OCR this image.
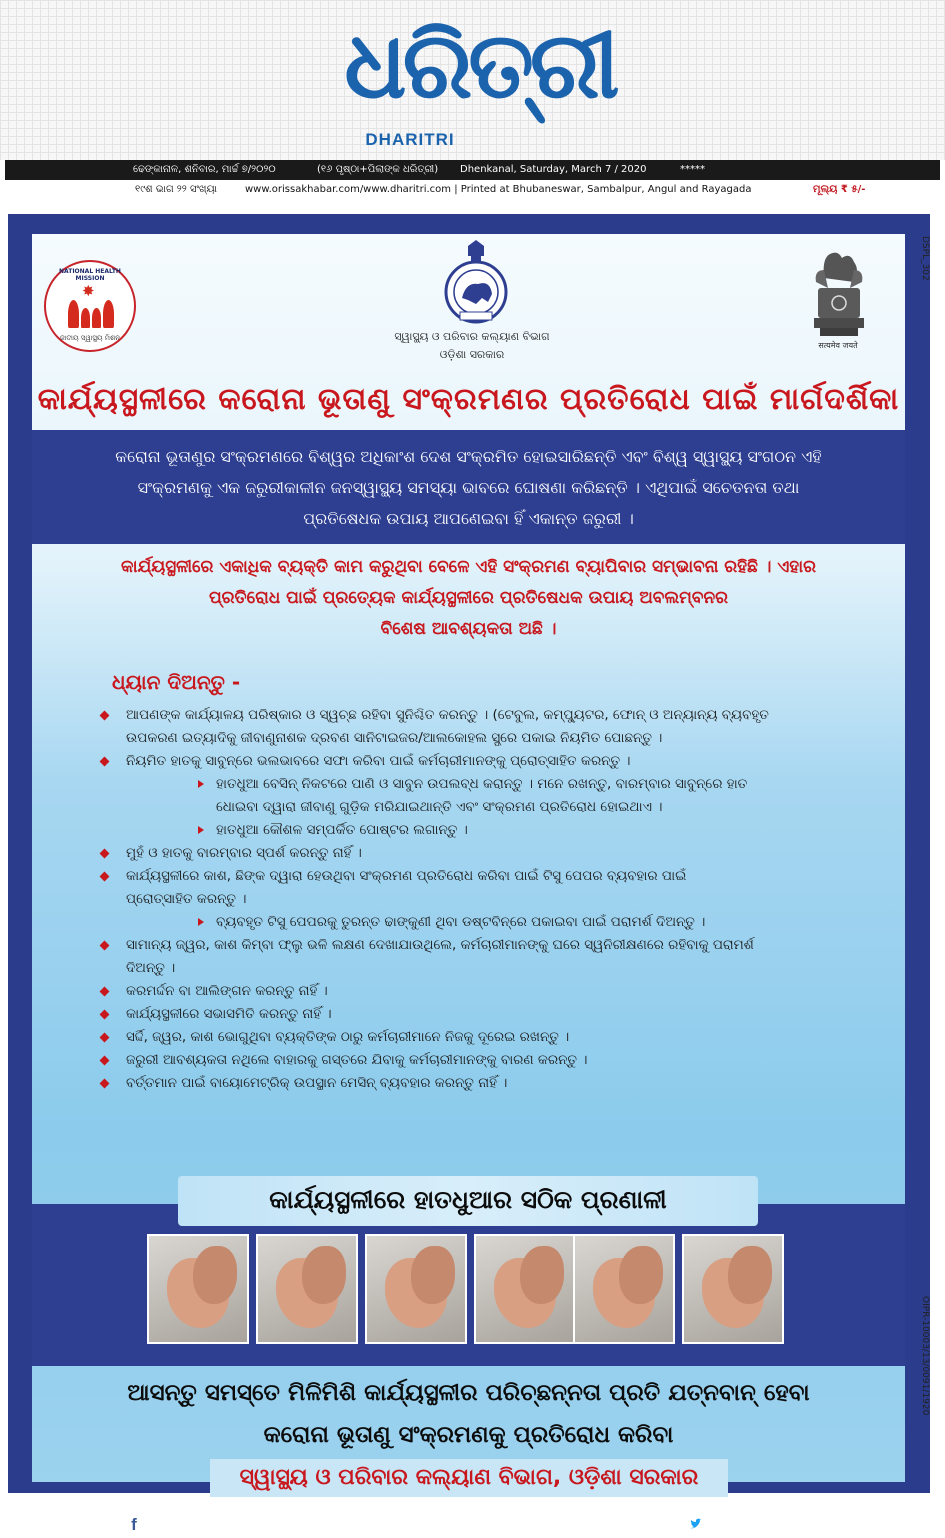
ଧରିତ୍ରୀ
DHARITRI
ଢେଙ୍କାନାଳ, ଶନିବାର, ମାର୍ଚ୍ଚ ୭/୨୦୨୦	(୧୬ ପୃଷ୍ଠା+ପିଲାଙ୍କ ଧରିତ୍ରୀ) Dhenkanal, Saturday, March 7 / 2020	*****
୧୯ଶ ଭାଗ ୨୨ ସଂଖ୍ୟା	www.orissakhabar.com/www.dharitri.com | Printed at Bhubaneswar, Sambalpur, Angul and Rayagada	ମୂଲ୍ୟ ₹ ୫/-
DSPL_302
OIPR-10003/13/0091/1920
NATIONAL HEALTH MISSION
✸
ଜାତୀୟ ସ୍ୱାସ୍ଥ୍ୟ ମିଶନ
सत्यमेव जयते
ସ୍ୱାସ୍ଥ୍ୟ ଓ ପରିବାର କଲ୍ୟାଣ ବିଭାଗ
ଓଡ଼ିଶା ସରକାର
କାର୍ଯ୍ୟସ୍ଥଳୀରେ କରୋନା ଭୂତାଣୁ ସଂକ୍ରମଣର ପ୍ରତିରୋଧ ପାଇଁ ମାର୍ଗଦର୍ଶିକା
କରୋନା ଭୂତାଣୁର ସଂକ୍ରମଣରେ ବିଶ୍ୱର ଅଧିକାଂଶ ଦେଶ ସଂକ୍ରମିତ ହୋଇସାରିଛନ୍ତି ଏବଂ ବିଶ୍ୱ ସ୍ୱାସ୍ଥ୍ୟ ସଂଗଠନ ଏହି
ସଂକ୍ରମଣକୁ ଏକ ଜରୁରୀକାଳୀନ ଜନସ୍ୱାସ୍ଥ୍ୟ ସମସ୍ୟା ଭାବରେ ଘୋଷଣା କରିଛନ୍ତି । ଏଥିପାଇଁ ସଚେତନତା ତଥା
ପ୍ରତିଷେଧକ ଉପାୟ ଆପଣେଇବା ହିଁ ଏକାନ୍ତ ଜରୁରୀ ।
କାର୍ଯ୍ୟସ୍ଥଳୀରେ ଏକାଧିକ ବ୍ୟକ୍ତି କାମ କରୁଥିବା ବେଳେ ଏହି ସଂକ୍ରମଣ ବ୍ୟାପିବାର ସମ୍ଭାବନା ରହିଛି । ଏହାର
ପ୍ରତିରୋଧ ପାଇଁ ପ୍ରତ୍ୟେକ କାର୍ଯ୍ୟସ୍ଥଳୀରେ ପ୍ରତିଷେଧକ ଉପାୟ ଅବଲମ୍ବନର
ବିଶେଷ ଆବଶ୍ୟକତା ଅଛି ।
ଧ୍ୟାନ ଦିଅନ୍ତୁ -
ଆପଣଙ୍କ କାର୍ଯ୍ୟାଳୟ ପରିଷ୍କାର ଓ ସ୍ୱଚ୍ଛ ରହିବା ସୁନିଶ୍ଚିତ କରନ୍ତୁ । (ଟେବୁଲ, କମ୍ପ୍ୟୁଟର, ଫୋନ୍ ଓ ଅନ୍ୟାନ୍ୟ ବ୍ୟବହୃତ
ଉପକରଣ ଇତ୍ୟାଦିକୁ ଜୀବାଣୁନାଶକ ଦ୍ରବଣ ସାନିଟାଇଜର/ଆଲକୋହଲ ସ୍ପ୍ରେ ପକାଇ ନିୟମିତ ପୋଛନ୍ତୁ ।
ନିୟମିତ ହାତକୁ ସାବୁନ୍‌ରେ ଭଲଭାବରେ ସଫା କରିବା ପାଇଁ କର୍ମଚାରୀମାନଙ୍କୁ ପ୍ରୋତ୍ସାହିତ କରନ୍ତୁ ।
ହାତଧୁଆ ବେସିନ୍ ନିକଟରେ ପାଣି ଓ ସାବୁନ ଉପଲବ୍ଧ କରାନ୍ତୁ । ମନେ ରଖନ୍ତୁ, ବାରମ୍ବାର ସାବୁନ୍‌ରେ ହାତ
ଧୋଇବା ଦ୍ୱାରା ଜୀବାଣୁ ଗୁଡ଼ିକ ମରିଯାଇଥାନ୍ତି ଏବଂ ସଂକ୍ରମଣ ପ୍ରତିରୋଧ ହୋଇଥାଏ ।
ହାତଧୁଆ କୌଶଳ ସମ୍ପର୍କିତ ପୋଷ୍ଟର ଲଗାନ୍ତୁ ।
ମୁହଁ ଓ ହାତକୁ ବାରମ୍ବାର ସ୍ପର୍ଶ କରନ୍ତୁ ନାହିଁ ।
କାର୍ଯ୍ୟସ୍ଥଳୀରେ କାଶ, ଛିଙ୍କ ଦ୍ୱାରା ହେଉଥିବା ସଂକ୍ରମଣ ପ୍ରତିରୋଧ କରିବା ପାଇଁ ଟିସୁ ପେପର ବ୍ୟବହାର ପାଇଁ
ପ୍ରୋତ୍ସାହିତ କରନ୍ତୁ ।
ବ୍ୟବହୃତ ଟିସୁ ପେପରକୁ ତୁରନ୍ତ ଢାଙ୍କୁଣୀ ଥିବା ଡଷ୍ଟବିନ୍‌ରେ ପକାଇବା ପାଇଁ ପରାମର୍ଶ ଦିଅନ୍ତୁ ।
ସାମାନ୍ୟ ଜ୍ୱର, କାଶ କିମ୍ବା ଫ୍ଲୁ ଭଳି ଲକ୍ଷଣ ଦେଖାଯାଉଥିଲେ, କର୍ମଚାରୀମାନଙ୍କୁ ଘରେ ସ୍ୱନିରୀକ୍ଷଣରେ ରହିବାକୁ ପରାମର୍ଶ
ଦିଅନ୍ତୁ ।
କରମର୍ଦ୍ଦନ ବା ଆଲିଙ୍ଗନ କରନ୍ତୁ ନାହିଁ ।
କାର୍ଯ୍ୟସ୍ଥଳୀରେ ସଭାସମିତି କରନ୍ତୁ ନାହିଁ ।
ସର୍ଦ୍ଦି, ଜ୍ୱର, କାଶ ଭୋଗୁଥିବା ବ୍ୟକ୍ତିଙ୍କ ଠାରୁ କର୍ମଚାରୀମାନେ ନିଜକୁ ଦୂରେଇ ରଖନ୍ତୁ ।
ଜରୁରୀ ଆବଶ୍ୟକତା ନଥିଲେ ବାହାରକୁ ଗସ୍ତରେ ଯିବାକୁ କର୍ମଚାରୀମାନଙ୍କୁ ବାରଣ କରନ୍ତୁ ।
ବର୍ତ୍ତମାନ ପାଇଁ ବାୟୋମେଟ୍ରିକ୍ ଉପସ୍ଥାନ ମେସିନ୍ ବ୍ୟବହାର କରନ୍ତୁ ନାହିଁ ।
କାର୍ଯ୍ୟସ୍ଥଳୀରେ ହାତଧୁଆର ସଠିକ ପ୍ରଣାଳୀ
ଆସନ୍ତୁ ସମସ୍ତେ ମିଳିମିଶି କାର୍ଯ୍ୟସ୍ଥଳୀର ପରିଚ୍ଛନ୍ନତା ପ୍ରତି ଯତ୍ନବାନ୍ ହେବା
କରୋନା ଭୂତାଣୁ ସଂକ୍ରମଣକୁ ପ୍ରତିରୋଧ କରିବା
ସ୍ୱାସ୍ଥ୍ୟ ଓ ପରିବାର କଲ୍ୟାଣ ବିଭାଗ, ଓଡ଼ିଶା ସରକାର
f	facebook.com/HFWOdisha	http://www.health.odisha.gov.in/	@HFWOdisha
